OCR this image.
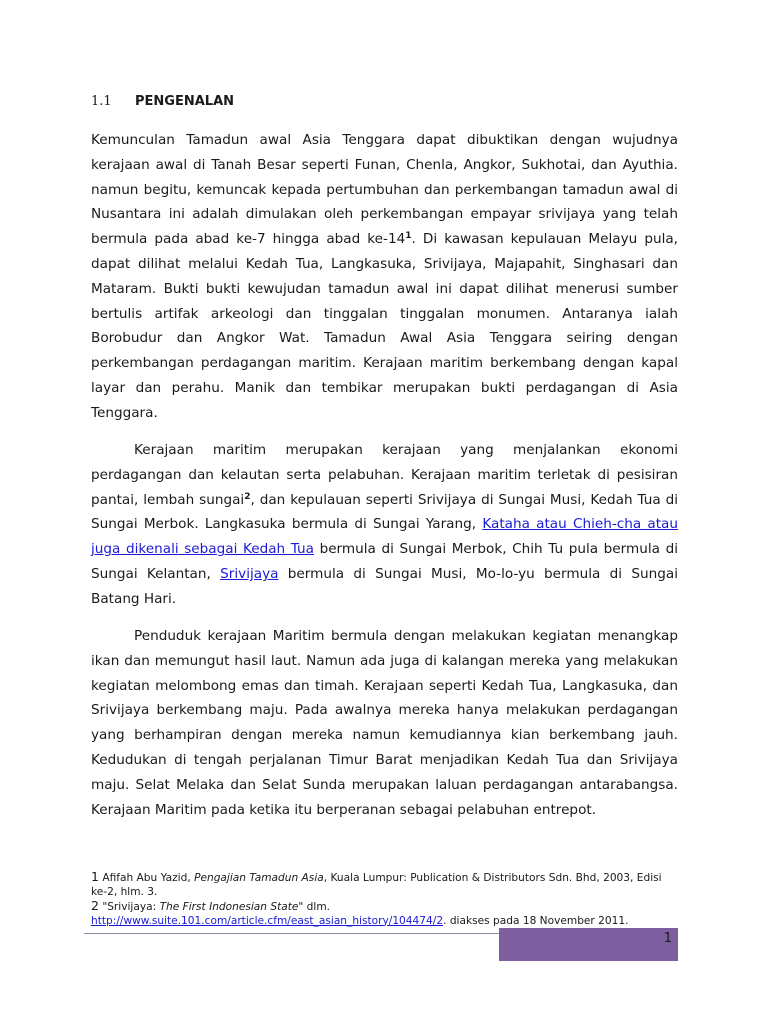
1.1 PENGENALAN

Kemunculan Tamadun awal Asia Tenggara dapat dibuktikan dengan wujudnya kerajaan awal di Tanah Besar seperti Funan, Chenla, Angkor, Sukhotai, dan Ayuthia. namun begitu, kemuncak kepada pertumbuhan dan perkembangan tamadun awal di Nusantara ini adalah dimulakan oleh perkembangan empayar srivijaya yang telah bermula pada abad ke-7 hingga abad $ke-14^1$. Di kawasan kepulauan Melayu pula, dapat dilihat melalui Kedah Tua, Langkasuka, Srivijaya, Majapahit, Singhasari dan Mataram. Bukti bukti kewujudan tamadun awal ini dapat dilihat menerusi sumber bertulis artifak arkeologi dan tinggalan tinggalan monumen. Antaranya ialah Borobudur dan Angkor Wat. Tamadun Awal Asia Tenggara seiring dengan perkembangan perdagangan maritim. Kerajaan maritim berkembang dengan kapal layar dan perahu. Manik dan tembikar merupakan bukti perdagangan di Asia Tenggara.

Kerajaan maritim merupakan kerajaan yang menjalankan ekonomi perdagangan dan kelautan serta pelabuhan. Kerajaan maritim terletak di pesisiran pantai, lembah sungai$^2$, dan kepulauan seperti Srivijaya di Sungai Musi, Kedah Tua di Sungai Merbok. Langkasuka bermula di Sungai Yarang, Kataha atau Chieh-cha atau juga dikenali sebagai Kedah Tua bermula di Sungai Merbok, Chih Tu pula bermula di Sungai Kelantan, Srivijaya bermula di Sungai Musi, Mo-lo-yu bermula di Sungai Batang Hari.

Penduduk kerajaan Maritim bermula dengan melakukan kegiatan menangkap ikan dan memungut hasil laut. Namun ada juga di kalangan mereka yang melakukan kegiatan melombong emas dan timah. Kerajaan seperti Kedah Tua, Langkasuka, dan Srivijaya berkembang maju. Pada awalnya mereka hanya melakukan perdagangan yang berhampiran dengan mereka namun kemudiannya kian berkembang jauh. Kedudukan di tengah perjalanan Timur Barat menjadikan Kedah Tua dan Srivijaya maju. Selat Melaka dan Selat Sunda merupakan laluan perdagangan antarabangsa. Kerajaan Maritim pada ketika itu berperanan sebagai pelabuhan entrepot.

1 Afifah Abu Yazid, Pengajian Tamadun Asia, Kuala Lumpur: Publication & Distributors Sdn. Bhd, 2003, Edisi ke-2, hlm. 3.
2 "Srivijaya: The First Indonesian State" dlm.
http://www.suite.101.com/article.cfm/east_asian_history/104474/2. diakses pada 18 November 2011.
1
